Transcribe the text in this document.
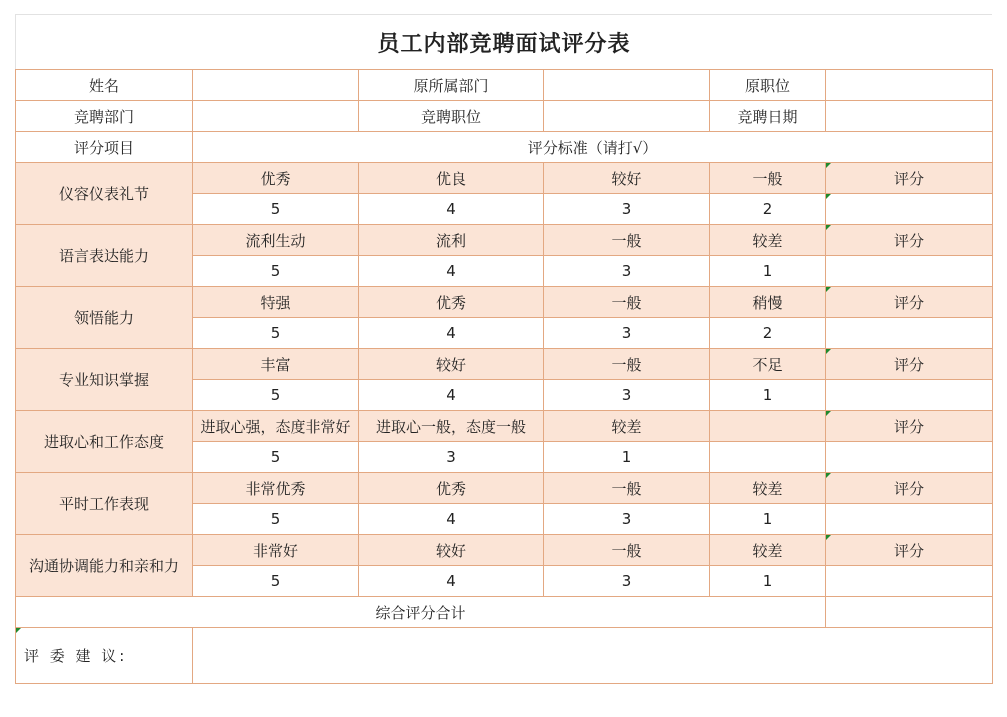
员工内部竞聘面试评分表
姓名		原所属部门		原职位	
竞聘部门		竞聘职位		竞聘日期	
评分项目	评分标准（请打√）				
仪容仪表礼节	优秀	优良	较好	一般	评分
	5	4	3	2	
语言表达能力	流利生动	流利	一般	较差	评分
	5	4	3	1	
领悟能力	特强	优秀	一般	稍慢	评分
	5	4	3	2	
专业知识掌握	丰富	较好	一般	不足	评分
	5	4	3	1	
进取心和工作态度	进取心强，态度非常好	进取心一般，态度一般	较差		评分
	5	3	1		
平时工作表现	非常优秀	优秀	一般	较差	评分
	5	4	3	1	
沟通协调能力和亲和力	非常好	较好	一般	较差	评分
	5	4	3	1	
综合评分合计					
评 委 建 议:					
